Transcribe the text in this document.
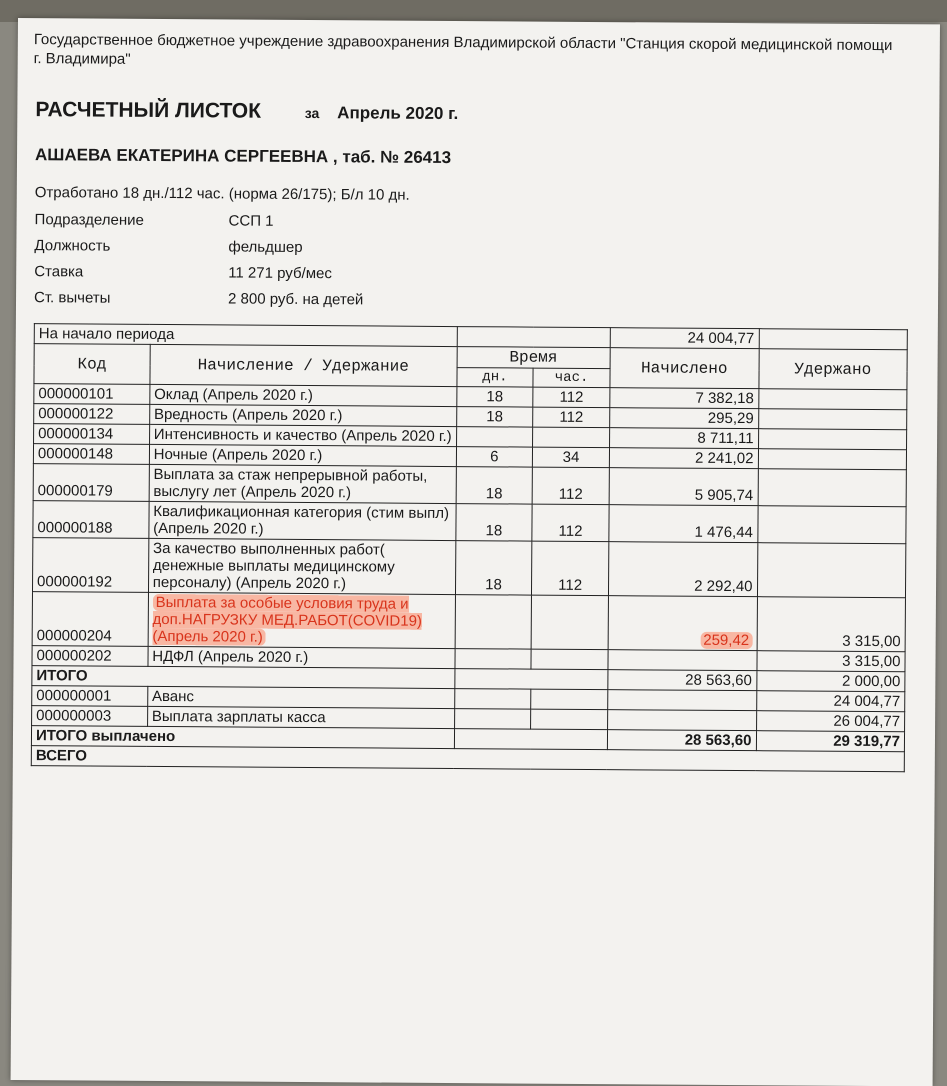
Государственное бюджетное учреждение здравоохранения Владимирской области "Станция скорой медицинской помощи г. Владимира"
РАСЧЕТНЫЙ ЛИСТОК	за Апрель 2020 г.
АШАЕВА ЕКАТЕРИНА СЕРГЕЕВНА , таб. № 26413
Отработано 18 дн./112 час. (норма 26/175); Б/л 10 дн.
Подразделение	ССП 1
Должность	фельдшер
Ставка	11 271 руб/мес
Ст. вычеты	2 800 руб. на детей
На начало периода				24 004,77	
Код	Начисление / Удержание	Время		Начислено	Удержано
		дн.	час.		
000000101	Оклад (Апрель 2020 г.)	18	112	7 382,18	
000000122	Вредность (Апрель 2020 г.)	18	112	295,29	
000000134	Интенсивность и качество (Апрель 2020 г.)			8 711,11	
000000148	Ночные (Апрель 2020 г.)	6	34	2 241,02	
000000179	Выплата за стаж непрерывной работы, выслугу лет (Апрель 2020 г.)	18	112	5 905,74	
000000188	Квалификационная категория (стим выпл) (Апрель 2020 г.)	18	112	1 476,44	
000000192	За качество выполненных работ( денежные выплаты медицинскому персоналу) (Апрель 2020 г.)	18	112	2 292,40	
000000204	Выплата за особые условия труда и доп.НАГРУЗКУ МЕД.РАБОТ(COVID19) (Апрель 2020 г.)			259,42	3 315,00
000000202	НДФЛ (Апрель 2020 г.)				3 315,00
ИТОГО				28 563,60	2 000,00
000000001	Аванс				24 004,77
000000003	Выплата зарплаты касса				26 004,77
ИТОГО выплачено				28 563,60	29 319,77
ВСЕГО					
